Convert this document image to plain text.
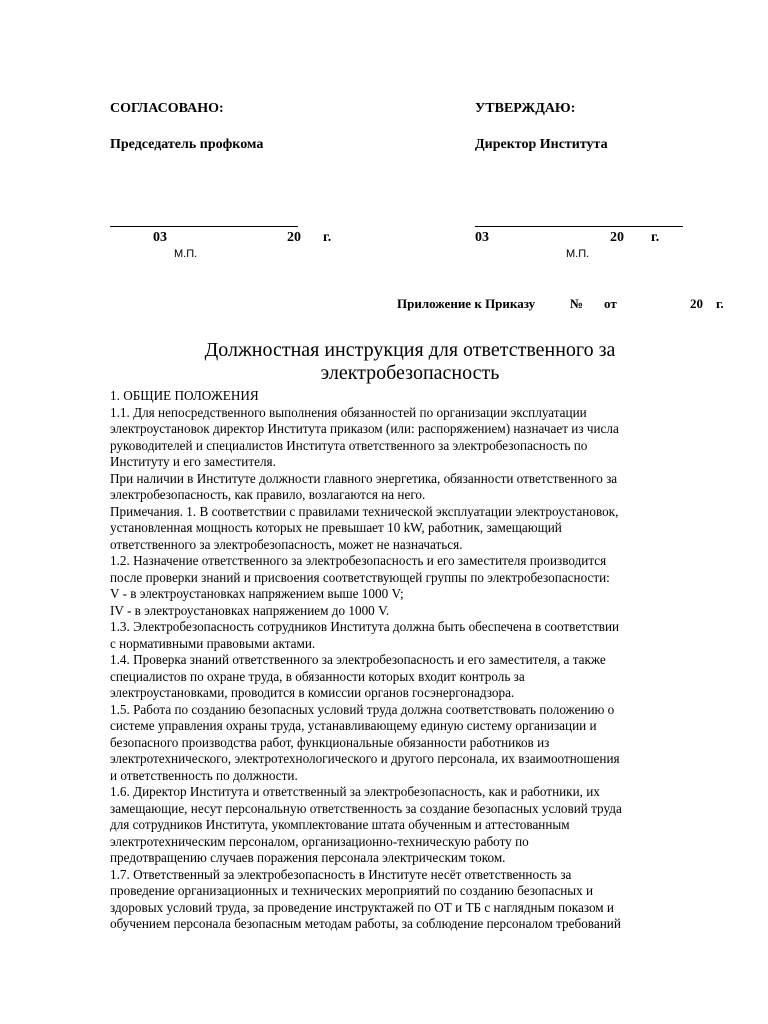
СОГЛАСОВАНО:
Председатель профкома
03	20 г.
М.П.
УТВЕРЖДАЮ:
Директор Института
03	20 г.
М.П.
Приложение к Приказу	№ от	20 г.
Должностная инструкция для ответственного за
электробезопасность

1. ОБЩИЕ ПОЛОЖЕНИЯ

1.1. Для непосредственного выполнения обязанностей по организации эксплуатации

электроустановок директор Института приказом (или: распоряжением) назначает из числа

руководителей и специалистов Института ответственного за электробезопасность по

Институту и его заместителя.

При наличии в Институте должности главного энергетика, обязанности ответственного за

электробезопасность, как правило, возлагаются на него.

Примечания. 1. В соответствии с правилами технической эксплуатации электроустановок,

установленная мощность которых не превышает 10 kW, работник, замещающий

ответственного за электробезопасность, может не назначаться.

1.2. Назначение ответственного за электробезопасность и его заместителя производится

после проверки знаний и присвоения соответствующей группы по электробезопасности:

V - в электроустановках напряжением выше 1000 V;

IV - в электроустановках напряжением до 1000 V.

1.3. Электробезопасность сотрудников Института должна быть обеспечена в соответствии

с нормативными правовыми актами.

1.4. Проверка знаний ответственного за электробезопасность и его заместителя, а также

специалистов по охране труда, в обязанности которых входит контроль за

электроустановками, проводится в комиссии органов госэнергонадзора.

1.5. Работа по созданию безопасных условий труда должна соответствовать положению о

системе управления охраны труда, устанавливающему единую систему организации и

безопасного производства работ, функциональные обязанности работников из

электротехнического, электротехнологического и другого персонала, их взаимоотношения

и ответственность по должности.

1.6. Директор Института и ответственный за электробезопасность, как и работники, их

замещающие, несут персональную ответственность за создание безопасных условий труда

для сотрудников Института, укомплектование штата обученным и аттестованным

электротехническим персоналом, организационно-техническую работу по

предотвращению случаев поражения персонала электрическим током.

1.7. Ответственный за электробезопасность в Институте несёт ответственность за

проведение организационных и технических мероприятий по созданию безопасных и

здоровых условий труда, за проведение инструктажей по ОТ и ТБ с наглядным показом и

обучением персонала безопасным методам работы, за соблюдение персоналом требований
